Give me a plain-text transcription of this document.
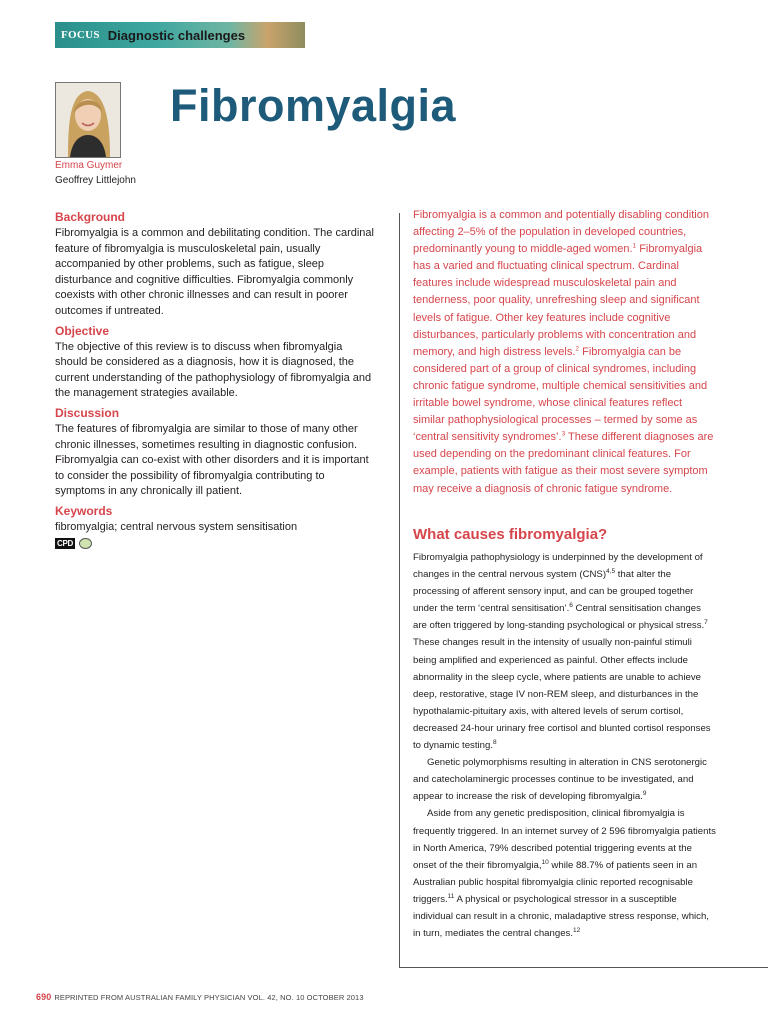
FOCUS Diagnostic challenges
Fibromyalgia
Emma Guymer
Geoffrey Littlejohn
Background

Fibromyalgia is a common and debilitating condition. The cardinal feature of fibromyalgia is musculoskeletal pain, usually accompanied by other problems, such as fatigue, sleep disturbance and cognitive difficulties. Fibromyalgia commonly coexists with other chronic illnesses and can result in poorer outcomes if untreated.

Objective

The objective of this review is to discuss when fibromyalgia should be considered as a diagnosis, how it is diagnosed, the current understanding of the pathophysiology of fibromyalgia and the management strategies available.

Discussion

The features of fibromyalgia are similar to those of many other chronic illnesses, sometimes resulting in diagnostic confusion. Fibromyalgia can co-exist with other disorders and it is important to consider the possibility of fibromyalgia contributing to symptoms in any chronically ill patient.

Keywords

fibromyalgia; central nervous system sensitisation

CPD

Fibromyalgia is a common and potentially disabling condition affecting 2–5% of the population in developed countries, predominantly young to middle-aged women.$^1$ Fibromyalgia has a varied and fluctuating clinical spectrum. Cardinal features include widespread musculoskeletal pain and tenderness, poor quality, unrefreshing sleep and significant levels of fatigue. Other key features include cognitive disturbances, particularly problems with concentration and memory, and high distress levels.$^2$ Fibromyalgia can be considered part of a group of clinical syndromes, including chronic fatigue syndrome, multiple chemical sensitivities and irritable bowel syndrome, whose clinical features reflect similar pathophysiological processes – termed by some as ‘central sensitivity syndromes’.$^3$ These different diagnoses are used depending on the predominant clinical features. For example, patients with fatigue as their most severe symptom may receive a diagnosis of chronic fatigue syndrome.

What causes fibromyalgia?

Fibromyalgia pathophysiology is underpinned by the development of changes in the central nervous system (CNS)$^{4,5}$ that alter the processing of afferent sensory input, and can be grouped together under the term ‘central sensitisation’.$^6$ Central sensitisation changes are often triggered by long-standing psychological or physical stress.$^7$ These changes result in the intensity of usually non-painful stimuli being amplified and experienced as painful. Other effects include abnormality in the sleep cycle, where patients are unable to achieve deep, restorative, stage IV non-REM sleep, and disturbances in the hypothalamic-pituitary axis, with altered levels of serum cortisol, decreased 24-hour urinary free cortisol and blunted cortisol responses to dynamic testing.$^8$

Genetic polymorphisms resulting in alteration in CNS serotonergic and catecholaminergic processes continue to be investigated, and appear to increase the risk of developing fibromyalgia.$^9$

Aside from any genetic predisposition, clinical fibromyalgia is frequently triggered. In an internet survey of 2 596 fibromyalgia patients in North America, 79% described potential triggering events at the onset of the their fibromyalgia,$^{10}$ while 88.7% of patients seen in an Australian public hospital fibromyalgia clinic reported recognisable triggers.$^{11}$ A physical or psychological stressor in a susceptible individual can result in a chronic, maladaptive stress response, which, in turn, mediates the central changes.$^{12}$

690 REPRINTED FROM AUSTRALIAN FAMILY PHYSICIAN VOL. 42, NO. 10 OCTOBER 2013
